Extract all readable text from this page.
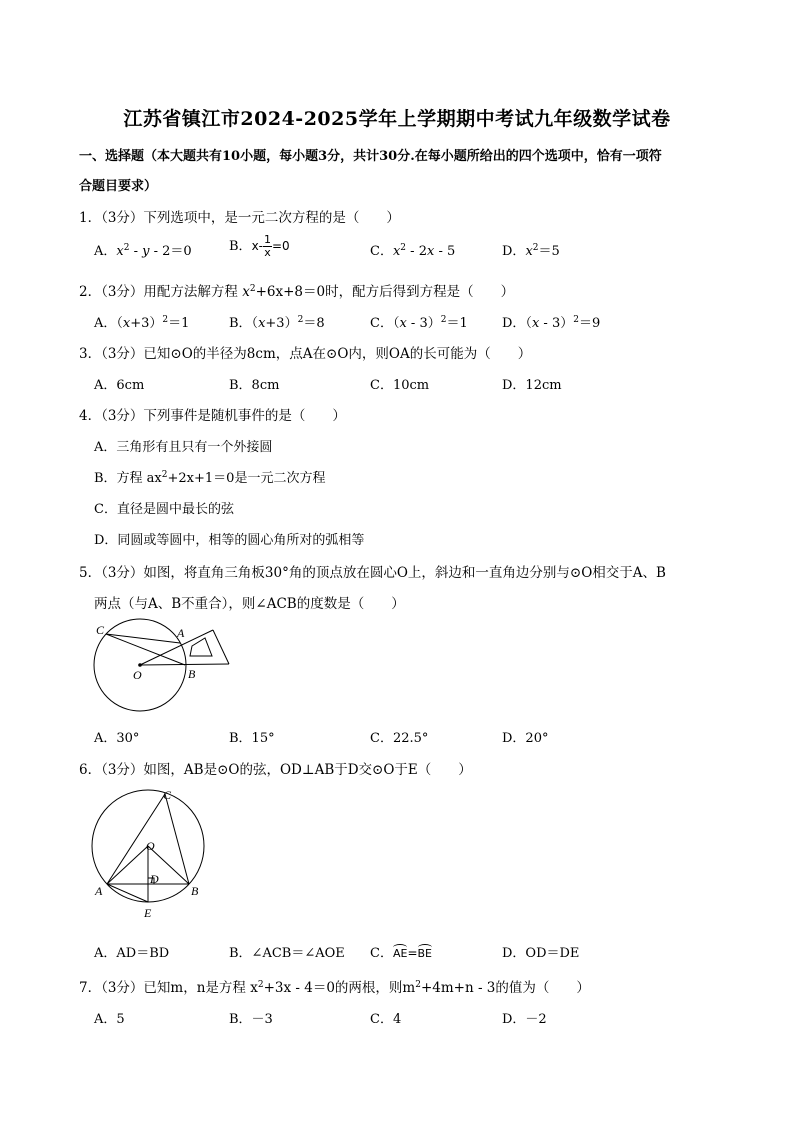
江苏省镇江市2024-2025学年上学期期中考试九年级数学试卷
一、选择题（本大题共有10小题，每小题3分，共计30分.在每小题所给出的四个选项中，恰有一项符
合题目要求）
1．（3分）下列选项中，是一元二次方程的是（　　）
A．$x^2 - y - 2=0$	B．$x- \frac{1}{x} =0$	C．$x^2 - 2x - 5$	D．$x^2=5$
2．（3分）用配方法解方程 $x^2+6x+8=0$时，配方后得到方程是（　　）
A．$(x+3)^2=1$	B．$(x+3)^2=8$	C．（x - 3）$^2$＝1	D．（x - 3）$^2$＝9
3．（3分）已知⊙O的半径为8cm，点A在⊙O内，则OA的长可能为（　　）
A．6cm	B．8cm	C．10cm	D．12cm
4．（3分）下列事件是随机事件的是（　　）
A．三角形有且只有一个外接圆
B．方程 $ax^2+2x+1=0$是一元二次方程
C．直径是圆中最长的弦
D．同圆或等圆中，相等的圆心角所对的弧相等
5．（3分）如图，将直角三角板30°角的顶点放在圆心O上，斜边和一直角边分别与⊙O相交于A、B
两点（与A、B不重合），则∠ACB的度数是（　　）
C	A
O	B
A．30°	B．15°	C．22.5°	D．20°
6．（3分）如图，AB是⊙O的弦，OD⊥AB于D交⊙O于E（　　）
C
O
D
A	B
E
A．AD＝BD	B．∠ACB＝∠AOE C．AE=BE	D．OD＝DE
7．（3分）已知m，n是方程 $x^2+3x - 4=0$的两根，则$m^2+4m+n - 3$的值为（　　）
A．5	B．－3	C．4	D．－2
